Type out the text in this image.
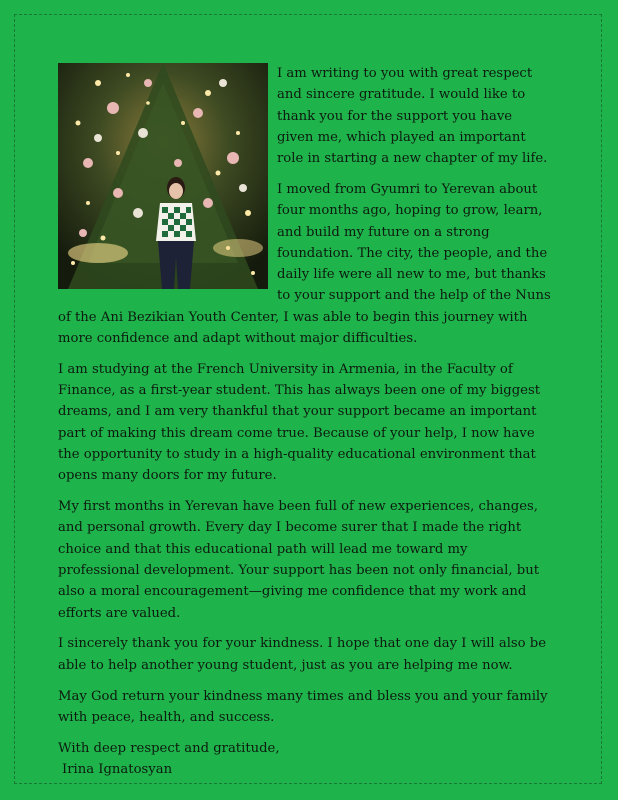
I am writing to you with great respect and sincere gratitude. I would like to thank you for the support you have given me, which played an important role in starting a new chapter of my life.

I moved from Gyumri to Yerevan about four months ago, hoping to grow, learn, and build my future on a strong foundation. The city, the people, and the daily life were all new to me, but thanks to your support and the help of the Nuns of the Ani Bezikian Youth Center, I was able to begin this journey with more confidence and adapt without major difficulties.

I am studying at the French University in Armenia, in the Faculty of Finance, as a first-year student. This has always been one of my biggest dreams, and I am very thankful that your support became an important part of making this dream come true. Because of your help, I now have the opportunity to study in a high-quality educational environment that opens many doors for my future.

My first months in Yerevan have been full of new experiences, changes, and personal growth. Every day I become surer that I made the right choice and that this educational path will lead me toward my professional development. Your support has been not only financial, but also a moral encouragement—giving me confidence that my work and efforts are valued.

I sincerely thank you for your kindness. I hope that one day I will also be able to help another young student, just as you are helping me now.

May God return your kindness many times and bless you and your family with peace, health, and success.

With deep respect and gratitude,

Irina Ignatosyan
